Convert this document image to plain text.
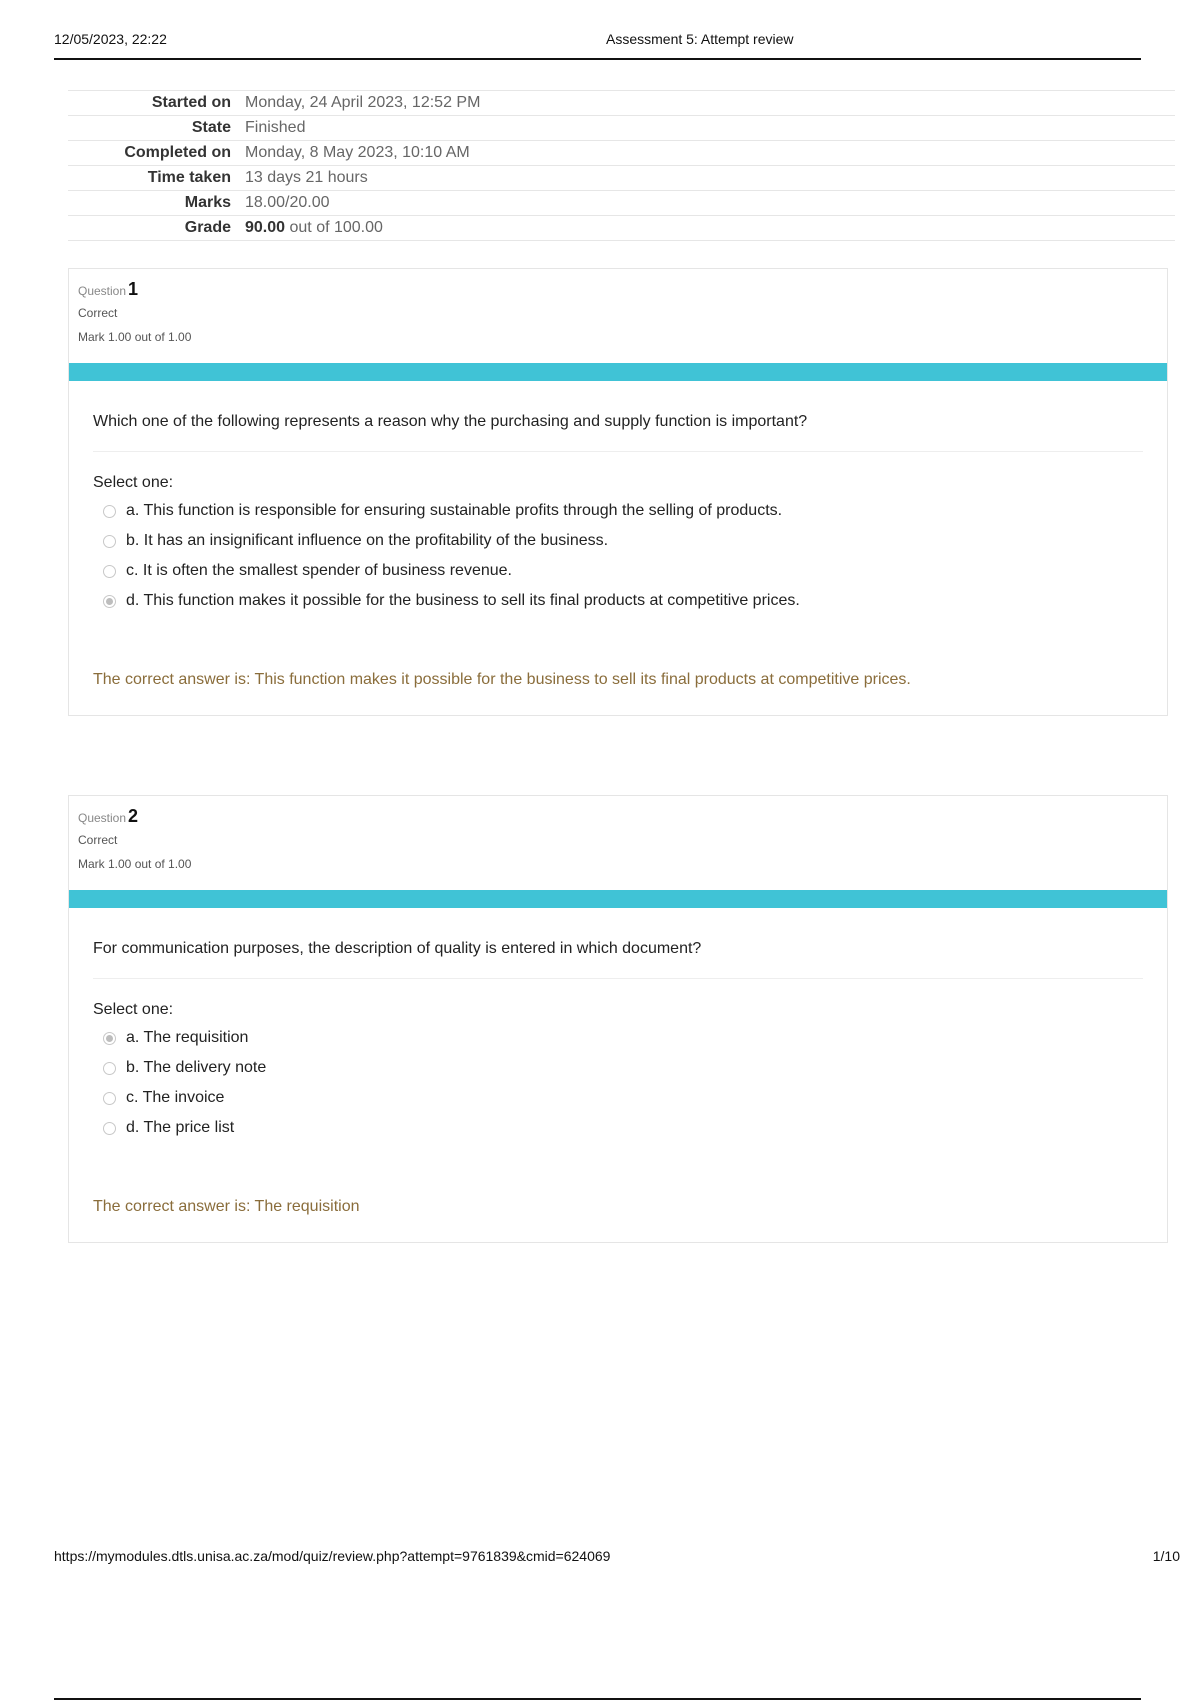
12/05/2023, 22:22	Assessment 5: Attempt review
Started on	Monday, 24 April 2023, 12:52 PM
State	Finished
Completed on	Monday, 8 May 2023, 10:10 AM
Time taken	13 days 21 hours
Marks	18.00/20.00
Grade	90.00 out of 100.00
Question 1
Correct
Mark 1.00 out of 1.00
Which one of the following represents a reason why the purchasing and supply function is important?
Select one:
a. This function is responsible for ensuring sustainable profits through the selling of products.
b. It has an insignificant influence on the profitability of the business.
c. It is often the smallest spender of business revenue.
d. This function makes it possible for the business to sell its final products at competitive prices.
The correct answer is: This function makes it possible for the business to sell its final products at competitive prices.
Question 2
Correct
Mark 1.00 out of 1.00
For communication purposes, the description of quality is entered in which document?
Select one:
a. The requisition
b. The delivery note
c. The invoice
d. The price list
The correct answer is: The requisition
https://mymodules.dtls.unisa.ac.za/mod/quiz/review.php?attempt=9761839&cmid=624069	1/10
